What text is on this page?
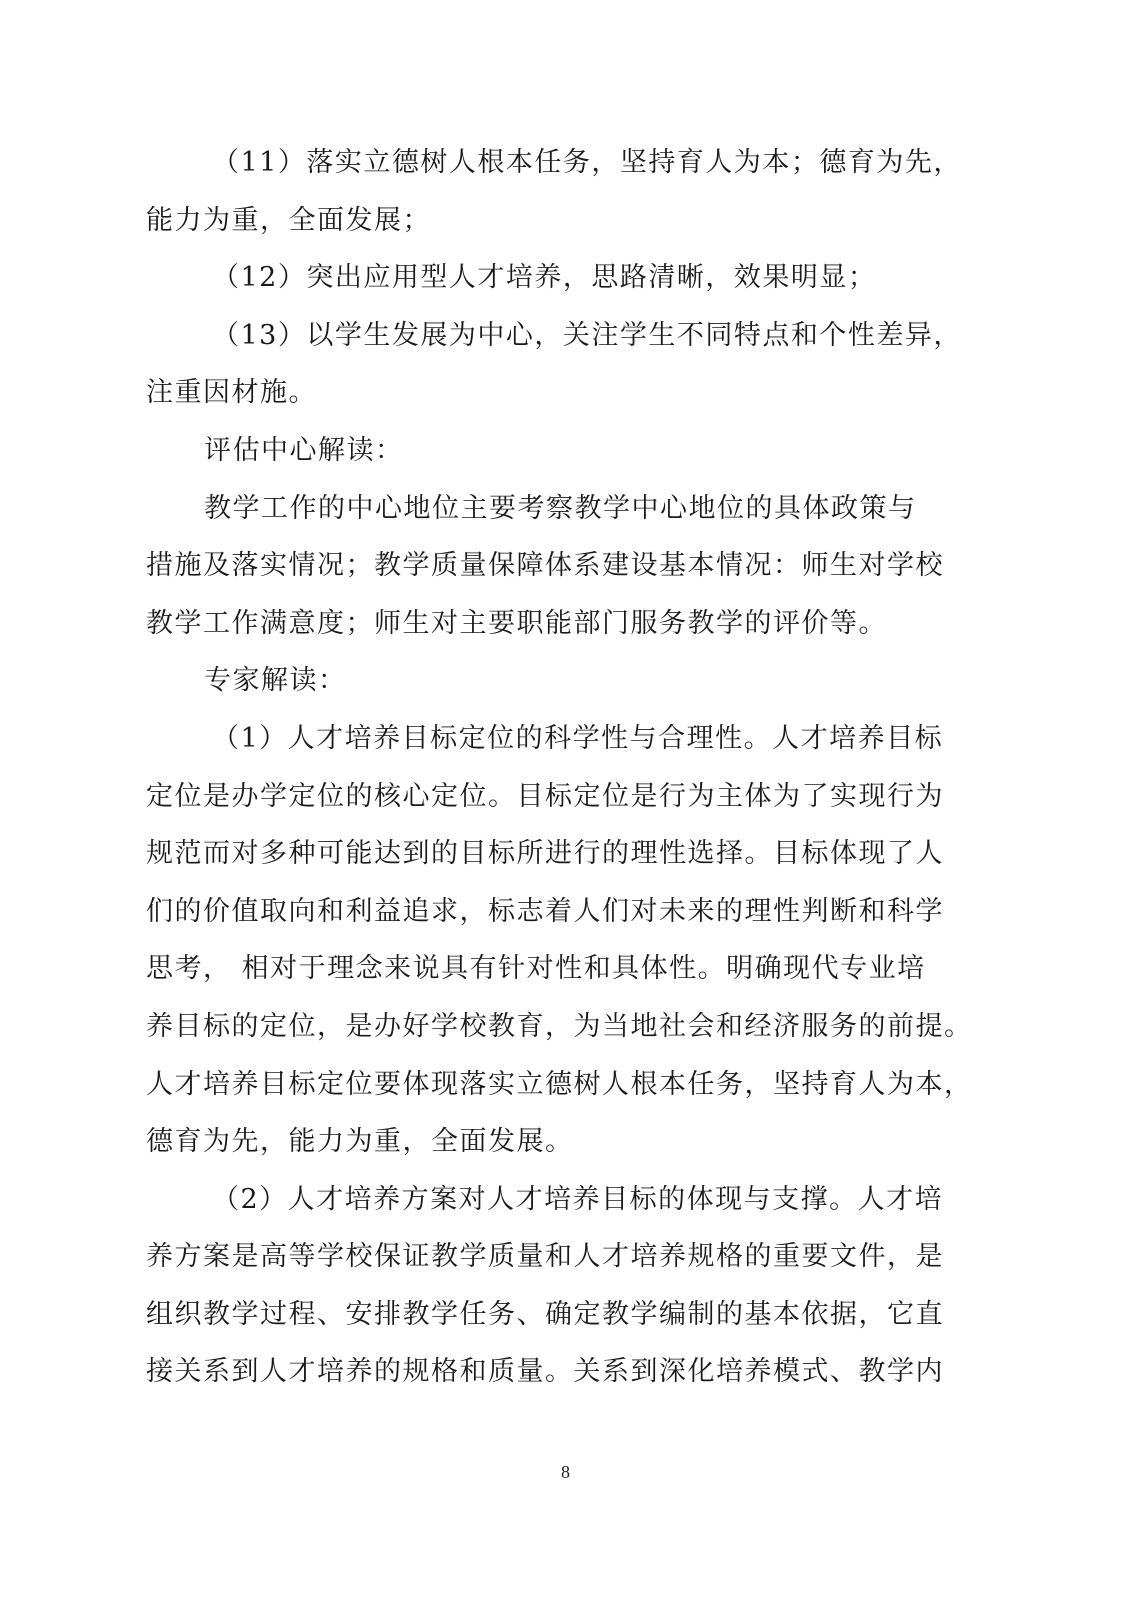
（11）落实立德树人根本任务，坚持育人为本；德育为先，
能力为重，全面发展；
（12）突出应用型人才培养，思路清晰，效果明显；
（13）以学生发展为中心，关注学生不同特点和个性差异，
注重因材施。
评估中心解读：
教学工作的中心地位主要考察教学中心地位的具体政策与
措施及落实情况；教学质量保障体系建设基本情况：师生对学校
教学工作满意度；师生对主要职能部门服务教学的评价等。
专家解读：
（1）人才培养目标定位的科学性与合理性。人才培养目标
定位是办学定位的核心定位。目标定位是行为主体为了实现行为
规范而对多种可能达到的目标所进行的理性选择。目标体现了人
们的价值取向和利益追求，标志着人们对未来的理性判断和科学
思考， 相对于理念来说具有针对性和具体性。明确现代专业培
养目标的定位，是办好学校教育，为当地社会和经济服务的前提。
人才培养目标定位要体现落实立德树人根本任务，坚持育人为本，
德育为先，能力为重，全面发展。
（2）人才培养方案对人才培养目标的体现与支撑。人才培
养方案是高等学校保证教学质量和人才培养规格的重要文件，是
组织教学过程、安排教学任务、确定教学编制的基本依据，它直
接关系到人才培养的规格和质量。关系到深化培养模式、教学内
8
